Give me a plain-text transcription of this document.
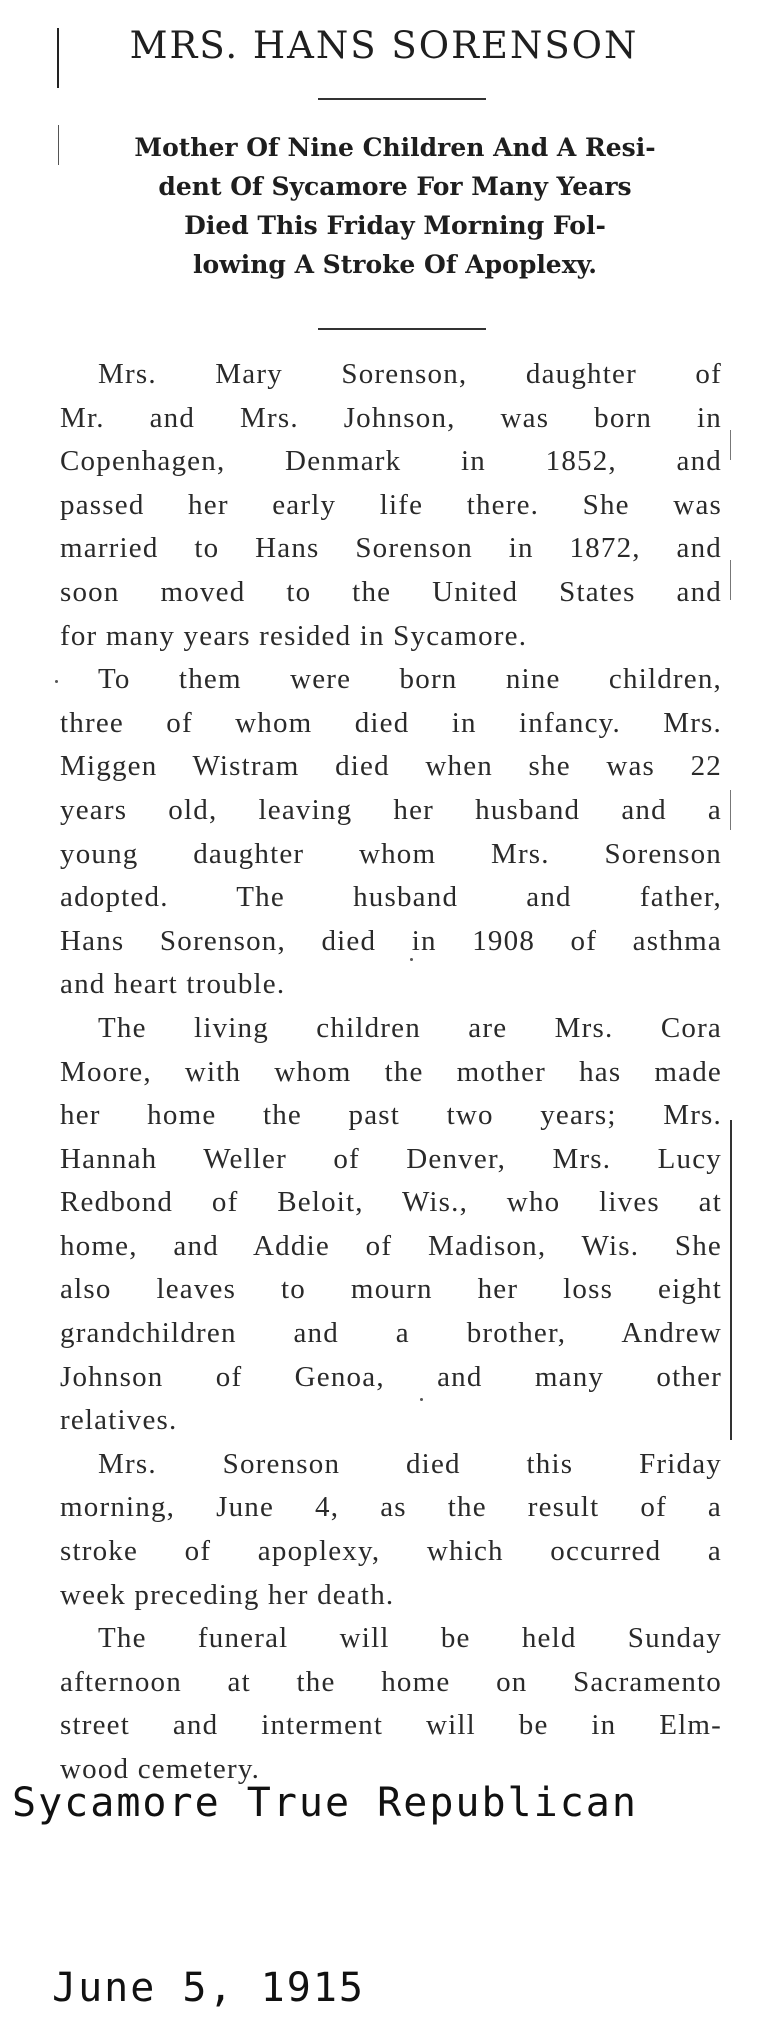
MRS. HANS SORENSON
Mother Of Nine Children And A Resi-
dent Of Sycamore For Many Years
Died This Friday Morning Fol-
lowing A Stroke Of Apoplexy.
Mrs. Mary Sorenson, daughter of
Mr. and Mrs. Johnson, was born in
Copenhagen, Denmark in 1852, and
passed her early life there. She was
married to Hans Sorenson in 1872, and
soon moved to the United States and
for many years resided in Sycamore.
To them were born nine children,
three of whom died in infancy. Mrs.
Miggen Wistram died when she was 22
years old, leaving her husband and a
young daughter whom Mrs. Sorenson
adopted. The husband and father,
Hans Sorenson, died in 1908 of asthma
and heart trouble.
The living children are Mrs. Cora
Moore, with whom the mother has made
her home the past two years; Mrs.
Hannah Weller of Denver, Mrs. Lucy
Redbond of Beloit, Wis., who lives at
home, and Addie of Madison, Wis. She
also leaves to mourn her loss eight
grandchildren and a brother, Andrew
Johnson of Genoa, and many other
relatives.
Mrs. Sorenson died this Friday
morning, June 4, as the result of a
stroke of apoplexy, which occurred a
week preceding her death.
The funeral will be held Sunday
afternoon at the home on Sacramento
street and interment will be in Elm-
wood cemetery.
Sycamore True Republican
June 5, 1915
